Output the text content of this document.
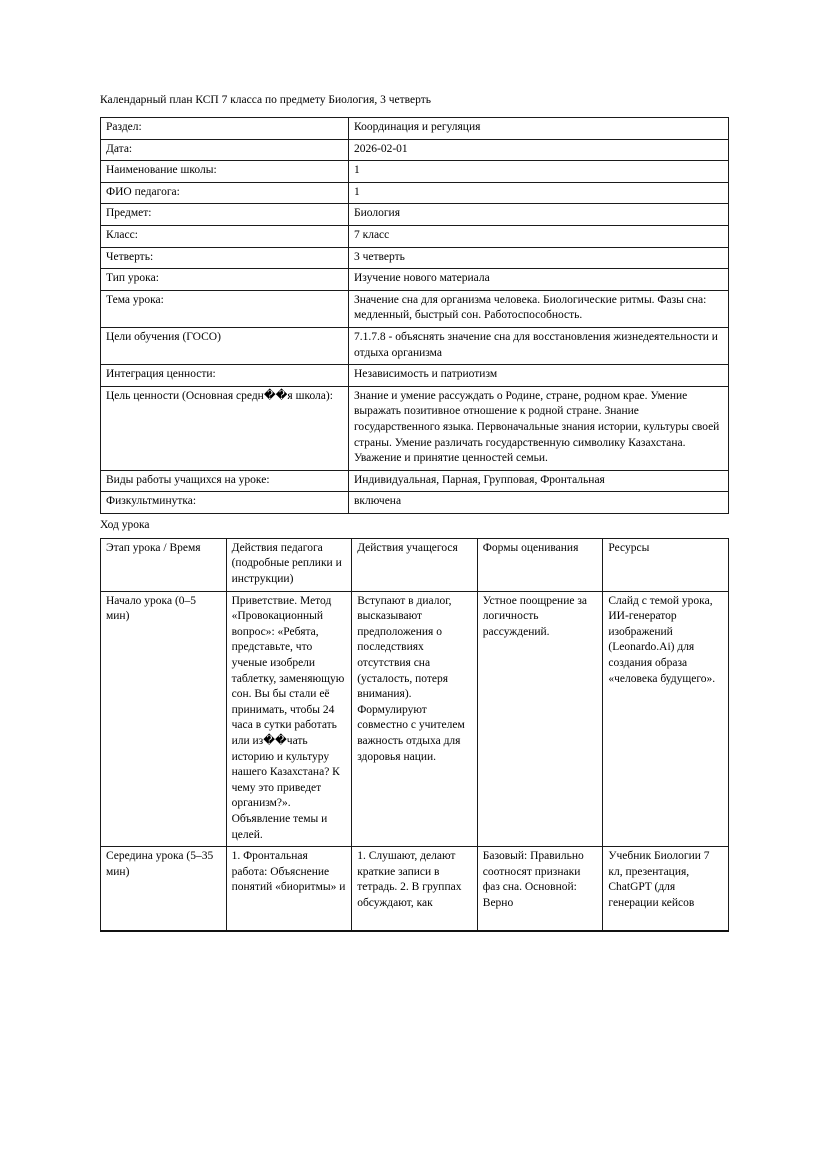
Календарный план КСП 7 класса по предмету Биология, 3 четверть
Раздел:	Координация и регуляция
Дата:	2026-02-01
Наименование школы:	1
ФИО педагога:	1
Предмет:	Биология
Класс:	7 класс
Четверть:	3 четверть
Тип урока:	Изучение нового материала
Тема урока:	Значение сна для организма человека. Биологические ритмы. Фазы сна: медленный, быстрый сон. Работоспособность.
Цели обучения (ГОСО)	7.1.7.8 - объяснять значение сна для восстановления жизнедеятельности и отдыха организма
Интеграция ценности:	Независимость и патриотизм
Цель ценности (Основная средн��я школа):	Знание и умение рассуждать о Родине, стране, родном крае. Умение выражать позитивное отношение к родной стране. Знание государственного языка. Первоначальные знания истории, культуры своей страны. Умение различать государственную символику Казахстана. Уважение и принятие ценностей семьи.
Виды работы учащихся на уроке:	Индивидуальная, Парная, Групповая, Фронтальная
Физкультминутка:	включена
Ход урока
Этап урока / Время	Действия педагога (подробные реплики и инструкции)	Действия учащегося	Формы оценивания	Ресурсы
Начало урока (0–5 мин)	Приветствие. Метод «Провокационный вопрос»: «Ребята, представьте, что ученые изобрели таблетку, заменяющую сон. Вы бы стали её принимать, чтобы 24 часа в сутки работать или из��чать историю и культуру нашего Казахстана? К чему это приведет организм?». Объявление темы и целей.	Вступают в диалог, высказывают предположения о последствиях отсутствия сна (усталость, потеря внимания). Формулируют совместно с учителем важность отдыха для здоровья нации.	Устное поощрение за логичность рассуждений.	Слайд с темой урока, ИИ-генератор изображений (Leonardo.Ai) для создания образа «человека будущего».
Середина урока (5–35 мин)	1. Фронтальная работа: Объяснение понятий «биоритмы» и	1. Слушают, делают краткие записи в тетрадь. 2. В группах обсуждают, как	Базовый: Правильно соотносят признаки фаз сна. Основной: Верно	Учебник Биологии 7 кл, презентация, ChatGPT (для генерации кейсов
